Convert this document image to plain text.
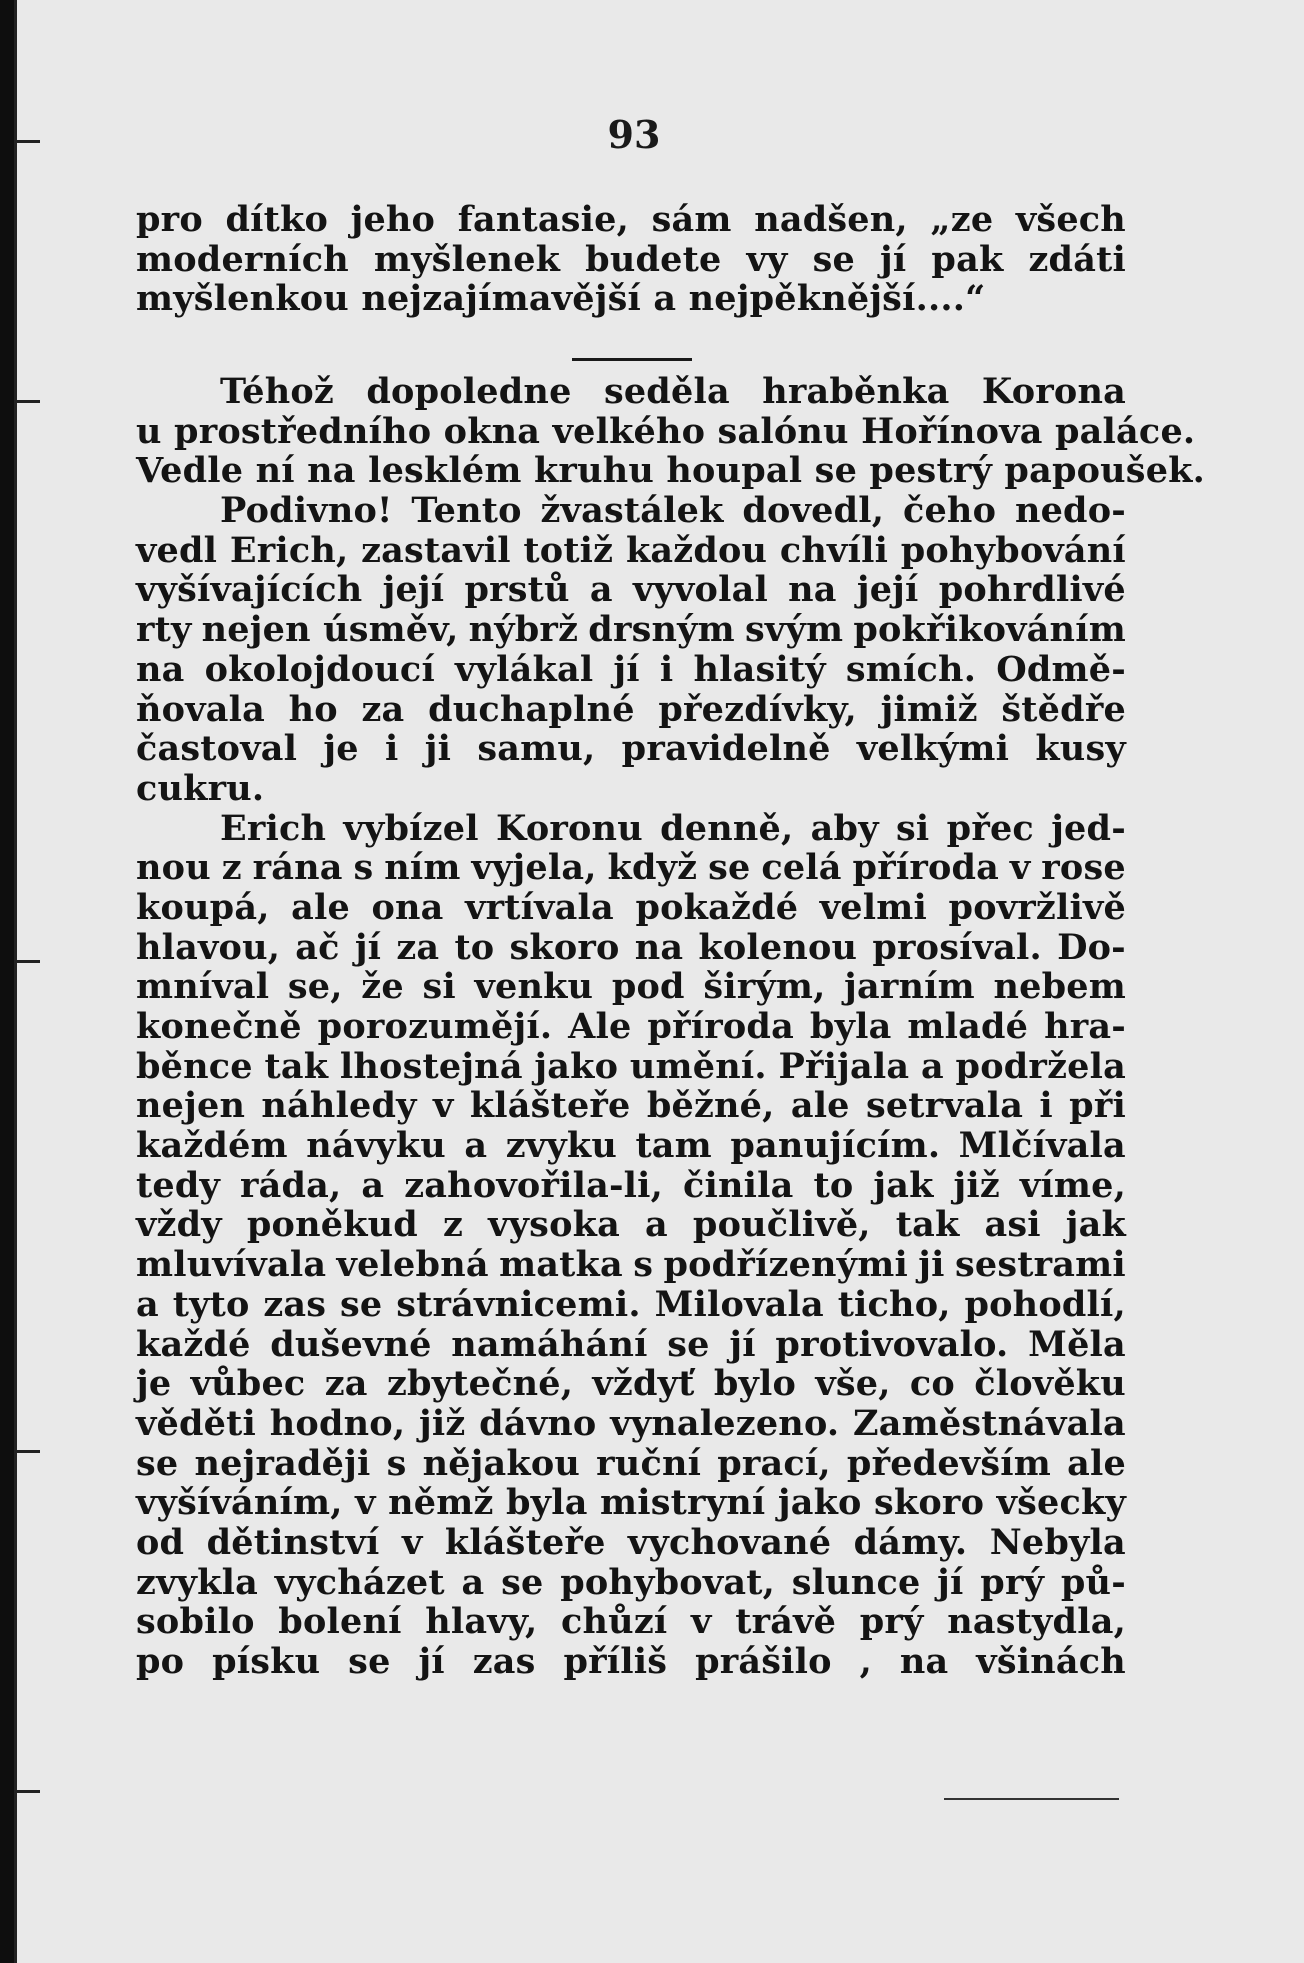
93
pro dítko jeho fantasie, sám nadšen, „ze všech
moderních myšlenek budete vy se jí pak zdáti
myšlenkou nejzajímavější a nejpěknější....“
Téhož dopoledne seděla hraběnka Korona
u prostředního okna velkého salónu Hořínova paláce.
Vedle ní na lesklém kruhu houpal se pestrý papoušek.
Podivno! Tento žvastálek dovedl, čeho nedo-
vedl Erich, zastavil totiž každou chvíli pohybování
vyšívajících její prstů a vyvolal na její pohrdlivé
rty nejen úsměv, nýbrž drsným svým pokřikováním
na okolojdoucí vylákal jí i hlasitý smích. Odmě-
ňovala ho za duchaplné přezdívky, jimiž štědře
častoval je i ji samu, pravidelně velkými kusy
cukru.
Erich vybízel Koronu denně, aby si přec jed-
nou z rána s ním vyjela, když se celá příroda v rose
koupá, ale ona vrtívala pokaždé velmi povržlivě
hlavou, ač jí za to skoro na kolenou prosíval. Do-
mníval se, že si venku pod širým, jarním nebem
konečně porozumějí. Ale příroda byla mladé hra-
běnce tak lhostejná jako umění. Přijala a podržela
nejen náhledy v klášteře běžné, ale setrvala i při
každém návyku a zvyku tam panujícím. Mlčívala
tedy ráda, a zahovořila-li, činila to jak již víme,
vždy poněkud z vysoka a poučlivě, tak asi jak
mluvívala velebná matka s podřízenými ji sestrami
a tyto zas se strávnicemi. Milovala ticho, pohodlí,
každé duševné namáhání se jí protivovalo. Měla
je vůbec za zbytečné, vždyť bylo vše, co člověku
věděti hodno, již dávno vynalezeno. Zaměstnávala
se nejraději s nějakou ruční prací, především ale
vyšíváním, v němž byla mistryní jako skoro všecky
od dětinství v klášteře vychované dámy. Nebyla
zvykla vycházet a se pohybovat, slunce jí prý pů-
sobilo bolení hlavy, chůzí v trávě prý nastydla,
po písku se jí zas příliš prášilo , na všinách
